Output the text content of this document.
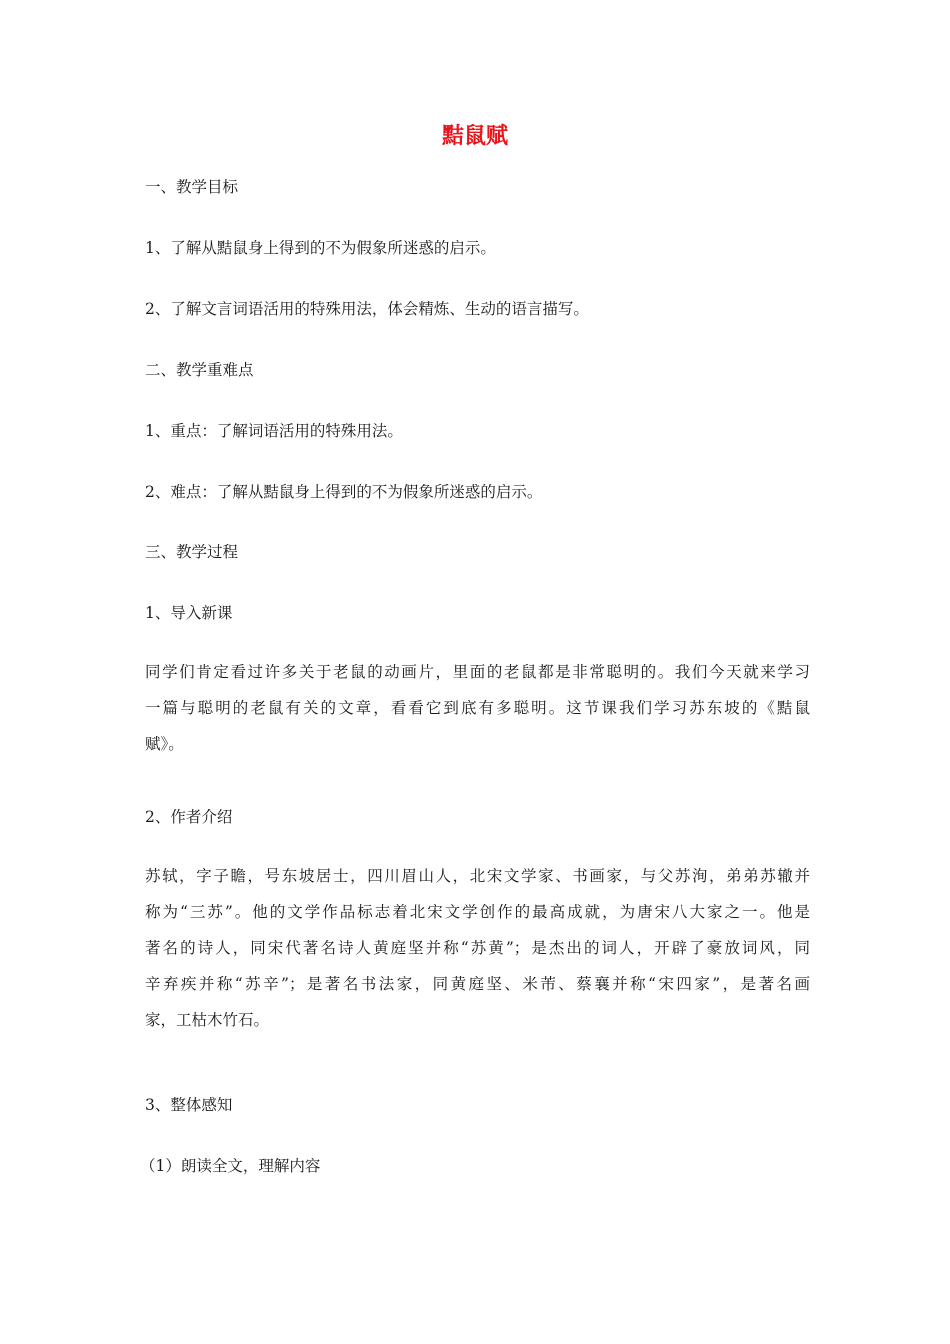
黠鼠赋

一、教学目标

1、了解从黠鼠身上得到的不为假象所迷惑的启示。

2、了解文言词语活用的特殊用法，体会精炼、生动的语言描写。

二、教学重难点

1、重点：了解词语活用的特殊用法。

2、难点：了解从黠鼠身上得到的不为假象所迷惑的启示。

三、教学过程

1、导入新课

同学们肯定看过许多关于老鼠的动画片，里面的老鼠都是非常聪明的。我们今天就来学习
一篇与聪明的老鼠有关的文章，看看它到底有多聪明。这节课我们学习苏东坡的《黠鼠
赋》。

2、作者介绍

苏轼，字子瞻，号东坡居士，四川眉山人，北宋文学家、书画家，与父苏洵，弟弟苏辙并
称为“三苏”。他的文学作品标志着北宋文学创作的最高成就，为唐宋八大家之一。他是
著名的诗人，同宋代著名诗人黄庭坚并称“苏黄”；是杰出的词人，开辟了豪放词风，同
辛弃疾并称“苏辛”；是著名书法家，同黄庭坚、米芾、蔡襄并称“宋四家”，是著名画
家，工枯木竹石。

3、整体感知

（1）朗读全文，理解内容
